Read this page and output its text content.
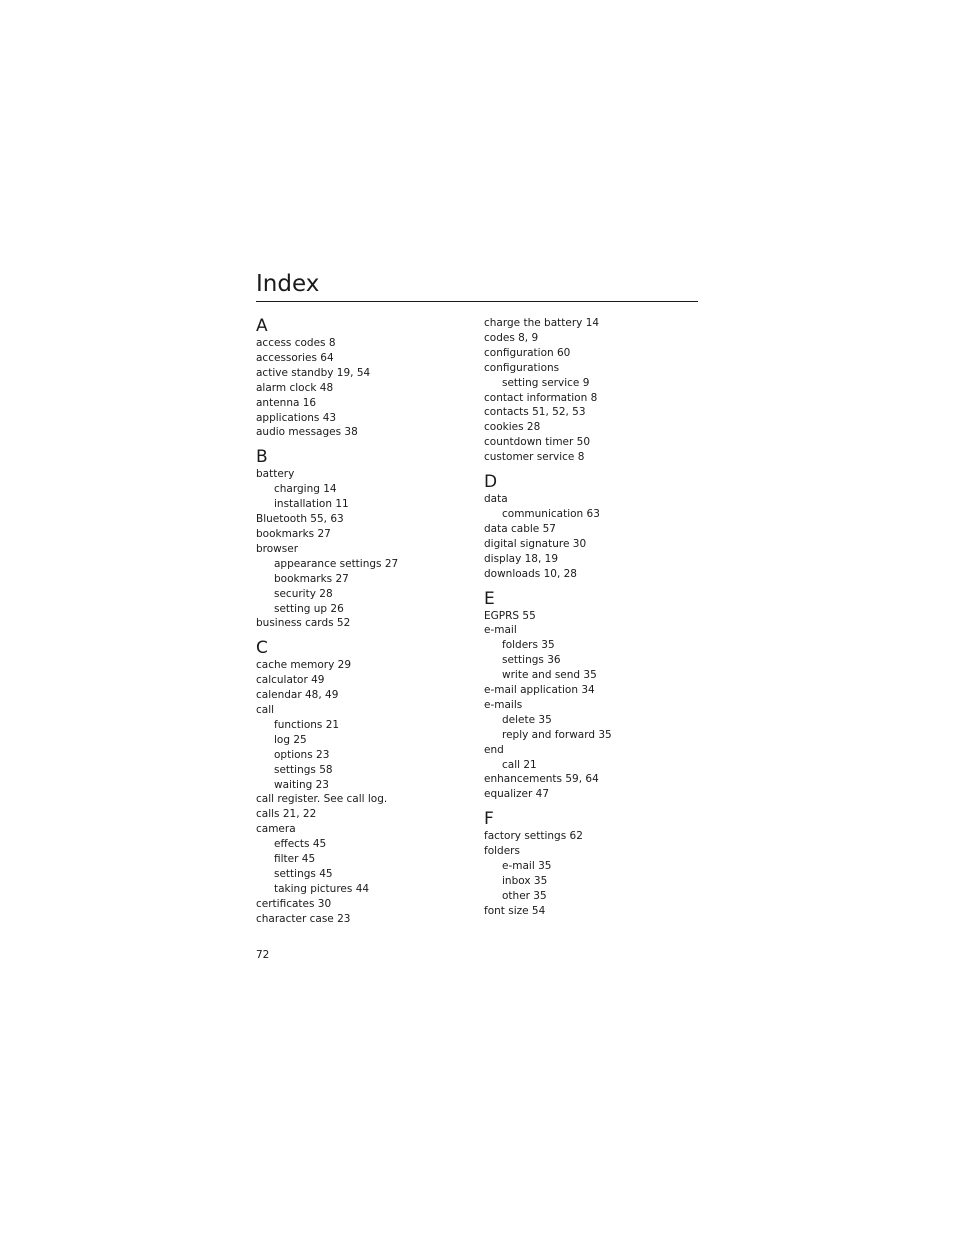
Index
A
access codes 8
accessories 64
active standby 19, 54
alarm clock 48
antenna 16
applications 43
audio messages 38
B
battery
charging 14
installation 11
Bluetooth 55, 63
bookmarks 27
browser
appearance settings 27
bookmarks 27
security 28
setting up 26
business cards 52
C
cache memory 29
calculator 49
calendar 48, 49
call
functions 21
log 25
options 23
settings 58
waiting 23
call register. See call log.
calls 21, 22
camera
effects 45
filter 45
settings 45
taking pictures 44
certificates 30
character case 23
charge the battery 14
codes 8, 9
configuration 60
configurations
setting service 9
contact information 8
contacts 51, 52, 53
cookies 28
countdown timer 50
customer service 8
D
data
communication 63
data cable 57
digital signature 30
display 18, 19
downloads 10, 28
E
EGPRS 55
e-mail
folders 35
settings 36
write and send 35
e-mail application 34
e-mails
delete 35
reply and forward 35
end
call 21
enhancements 59, 64
equalizer 47
F
factory settings 62
folders
e-mail 35
inbox 35
other 35
font size 54
72
